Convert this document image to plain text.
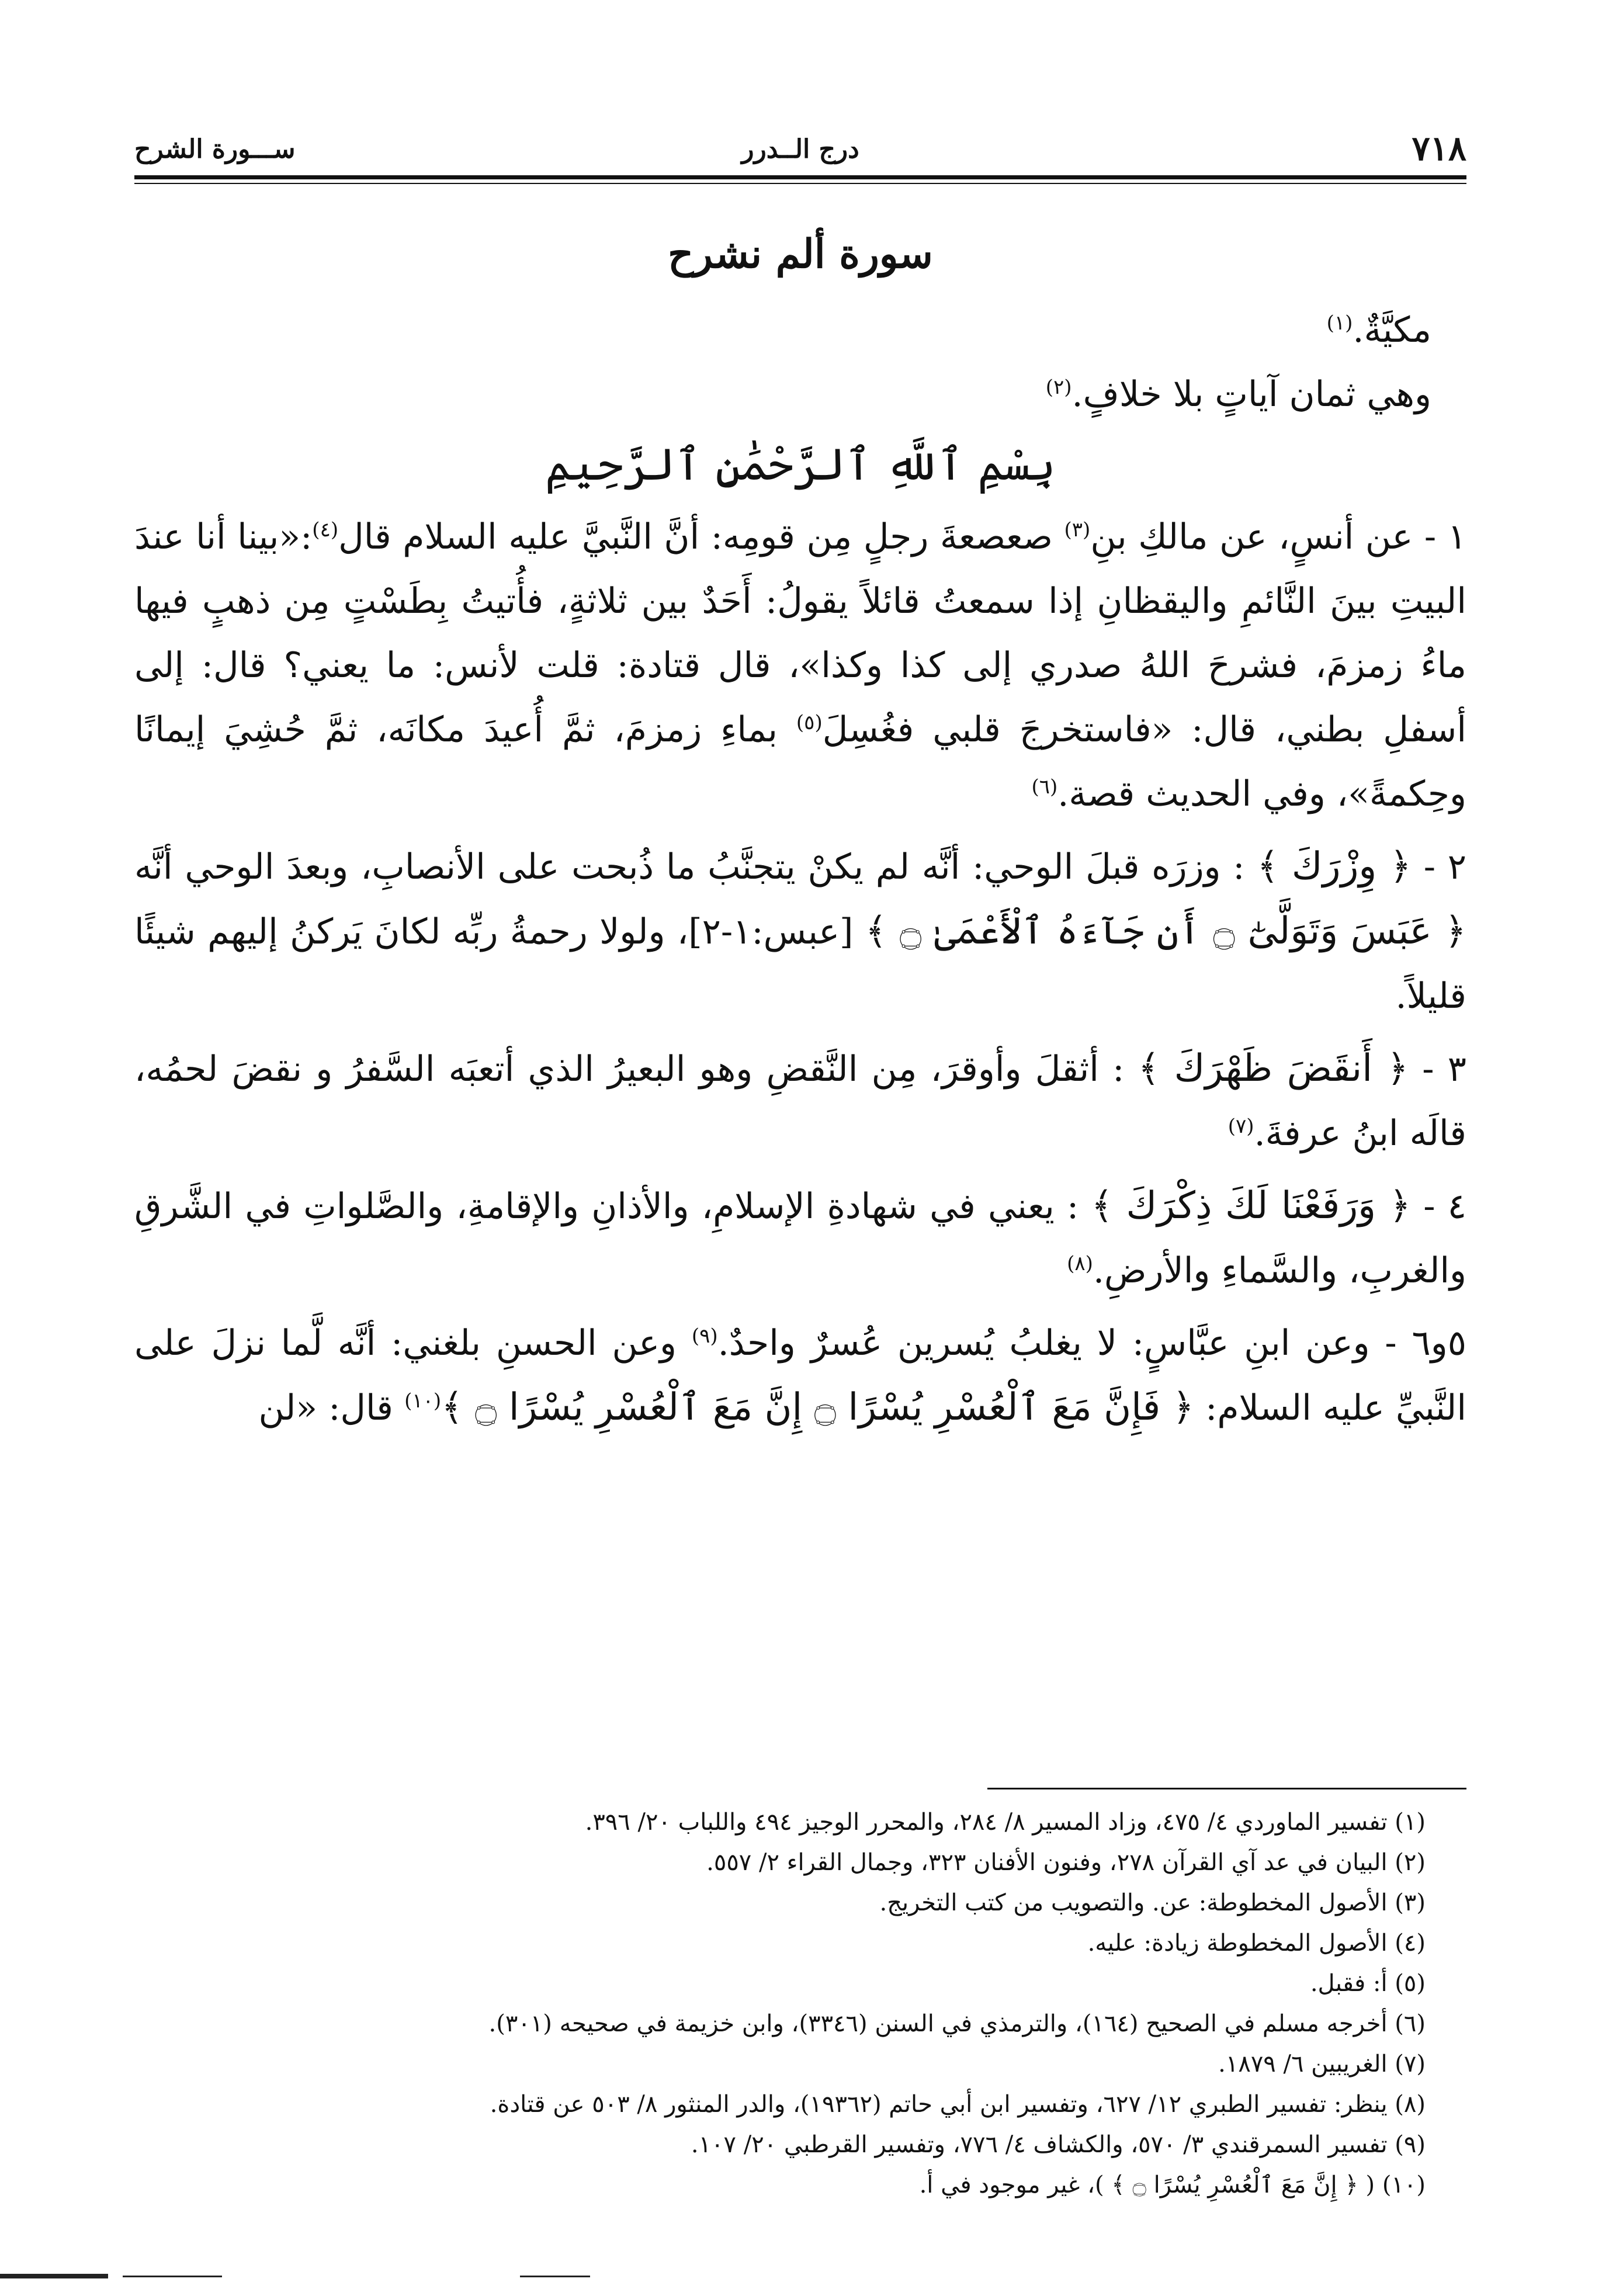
٧١٨
درج الــدرر
ســـورة الشرح

سورة ألم نشرح

مكيَّةٌ.$^{(١)}$

وهي ثمان آياتٍ بلا خلافٍ.$^{(٢)}$

بِسْمِ ٱللَّهِ ٱلرَّحْمَٰنِ ٱلرَّحِيمِ

١ - عن أنسٍ، عن مالكِ بنِ$^{(٣)}$ صعصعةَ رجلٍ مِن قومِه: أنَّ النَّبيَّ عليه السلام قال$^{(٤)}$:«بينا أنا عندَ البيتِ بينَ النَّائمِ واليقظانِ إذا سمعتُ قائلاً يقولُ: أَحَدٌ بين ثلاثةٍ، فأُتيتُ بِطَسْتٍ مِن ذهبٍ فيها ماءُ زمزمَ، فشرحَ اللهُ صدري إلى كذا وكذا»، قال قتادة: قلت لأنس: ما يعني؟ قال: إلى أسفلِ بطني، قال: «فاستخرجَ قلبي فغُسِلَ$^{(٥)}$ بماءِ زمزمَ، ثمَّ أُعيدَ مكانَه، ثمَّ حُشِيَ إيمانًا وحِكمةً»، وفي الحديث قصة.$^{(٦)}$

٢ - ﴿ وِزْرَكَ ﴾ : وزرَه قبلَ الوحي: أنَّه لم يكنْ يتجنَّبُ ما ذُبحت على الأنصابِ، وبعدَ الوحي أنَّه ﴿ عَبَسَ وَتَوَلَّىٰٓ ۝ أَن جَآءَهُ ٱلْأَعْمَىٰ ۝ ﴾ [عبس:١-٢]، ولولا رحمةُ ربِّه لكانَ يَركنُ إليهم شيئًا قليلاً.

٣ - ﴿ أَنقَضَ ظَهْرَكَ ﴾ : أثقلَ وأوقرَ، مِن النَّقضِ وهو البعيرُ الذي أتعبَه السَّفرُ و نقضَ لحمُه، قالَه ابنُ عرفةَ.$^{(٧)}$

٤ - ﴿ وَرَفَعْنَا لَكَ ذِكْرَكَ ﴾ : يعني في شهادةِ الإسلامِ، والأذانِ والإقامةِ، والصَّلواتِ في الشَّرقِ والغربِ، والسَّماءِ والأرضِ.$^{(٨)}$

٥و٦ - وعن ابنِ عبَّاسٍ: لا يغلبُ يُسرين عُسرٌ واحدٌ.$^{(٩)}$ وعن الحسنِ بلغني: أنَّه لَّما نزلَ على النَّبيِّ عليه السلام: ﴿ فَإِنَّ مَعَ ٱلْعُسْرِ يُسْرًا ۝ إِنَّ مَعَ ٱلْعُسْرِ يُسْرًا ۝ ﴾$^{(١٠)}$ قال: «لن

(١) تفسير الماوردي ٤/ ٤٧٥، وزاد المسير ٨/ ٢٨٤، والمحرر الوجيز ٤٩٤ واللباب ٢٠/ ٣٩٦.
(٢) البيان في عد آي القرآن ٢٧٨، وفنون الأفنان ٣٢٣، وجمال القراء ٢/ ٥٥٧.
(٣) الأصول المخطوطة: عن. والتصويب من كتب التخريج.
(٤) الأصول المخطوطة زيادة: عليه.
(٥) أ: فقبل.
(٦) أخرجه مسلم في الصحيح (١٦٤)، والترمذي في السنن (٣٣٤٦)، وابن خزيمة في صحيحه (٣٠١).
(٧) الغريبين ٦/ ١٨٧٩.
(٨) ينظر: تفسير الطبري ١٢/ ٦٢٧، وتفسير ابن أبي حاتم (١٩٣٦٢)، والدر المنثور ٨/ ٥٠٣ عن قتادة.
(٩) تفسير السمرقندي ٣/ ٥٧٠، والكشاف ٤/ ٧٧٦، وتفسير القرطبي ٢٠/ ١٠٧.
(١٠) ( ﴿ إِنَّ مَعَ ٱلْعُسْرِ يُسْرًا ۝ ﴾ )، غير موجود في أ.
